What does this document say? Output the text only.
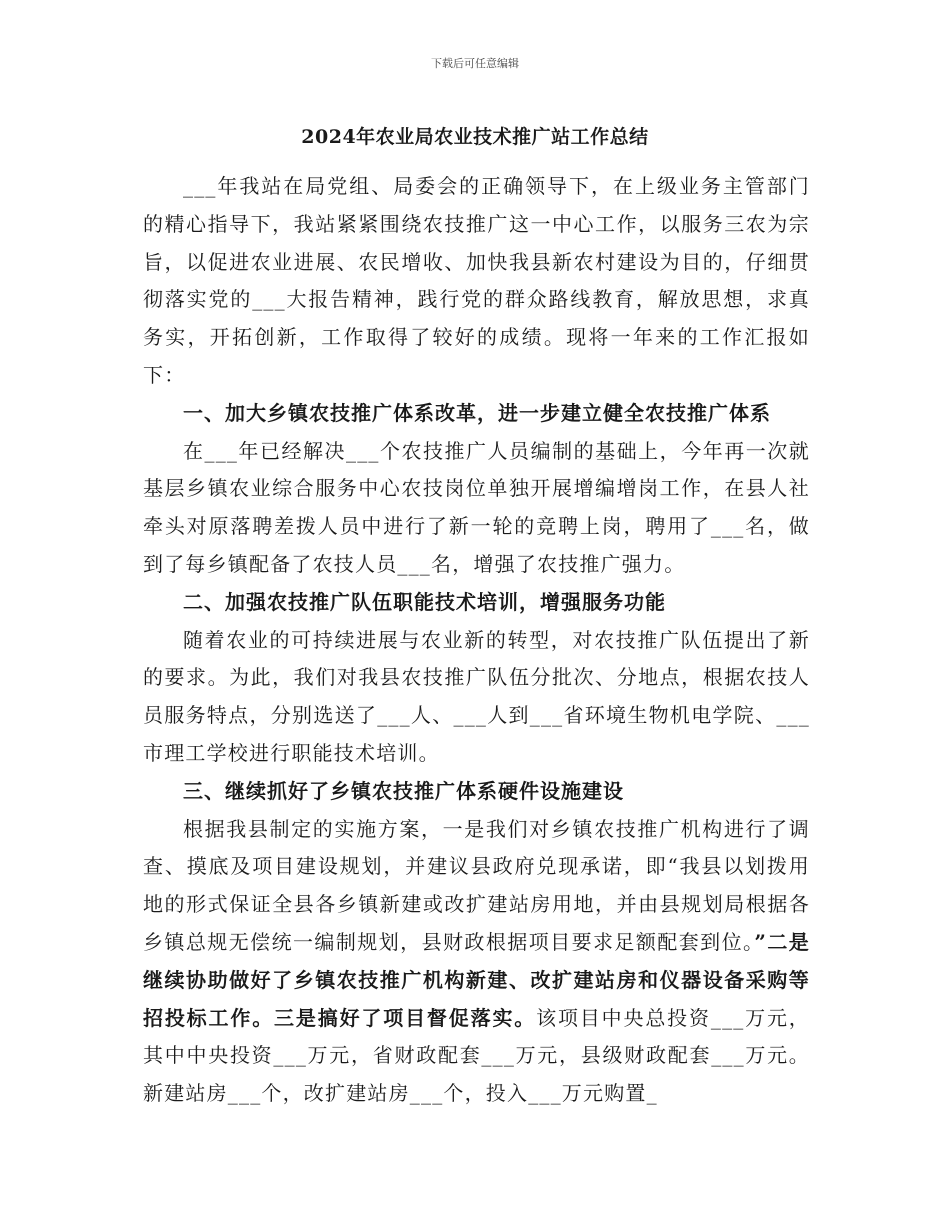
下载后可任意编辑
2024年农业局农业技术推广站工作总结

___年我站在局党组、局委会的正确领导下，在上级业务主管部门的精心指导下，我站紧紧围绕农技推广这一中心工作，以服务三农为宗旨，以促进农业进展、农民增收、加快我县新农村建设为目的，仔细贯彻落实党的___大报告精神，践行党的群众路线教育，解放思想，求真务实，开拓创新，工作取得了较好的成绩。现将一年来的工作汇报如下：

一、加大乡镇农技推广体系改革，进一步建立健全农技推广体系

在___年已经解决___个农技推广人员编制的基础上，今年再一次就基层乡镇农业综合服务中心农技岗位单独开展增编增岗工作，在县人社牵头对原落聘差拨人员中进行了新一轮的竞聘上岗，聘用了___名，做到了每乡镇配备了农技人员___名，增强了农技推广强力。

二、加强农技推广队伍职能技术培训，增强服务功能

随着农业的可持续进展与农业新的转型，对农技推广队伍提出了新的要求。为此，我们对我县农技推广队伍分批次、分地点，根据农技人员服务特点，分别选送了___人、___人到___省环境生物机电学院、___市理工学校进行职能技术培训。

三、继续抓好了乡镇农技推广体系硬件设施建设

根据我县制定的实施方案，一是我们对乡镇农技推广机构进行了调查、摸底及项目建设规划，并建议县政府兑现承诺，即“我县以划拨用地的形式保证全县各乡镇新建或改扩建站房用地，并由县规划局根据各乡镇总规无偿统一编制规划，县财政根据项目要求足额配套到位。”二是继续协助做好了乡镇农技推广机构新建、改扩建站房和仪器设备采购等招投标工作。三是搞好了项目督促落实。该项目中央总投资___万元，其中中央投资___万元，省财政配套___万元，县级财政配套___万元。新建站房___个，改扩建站房___个，投入___万元购置_
